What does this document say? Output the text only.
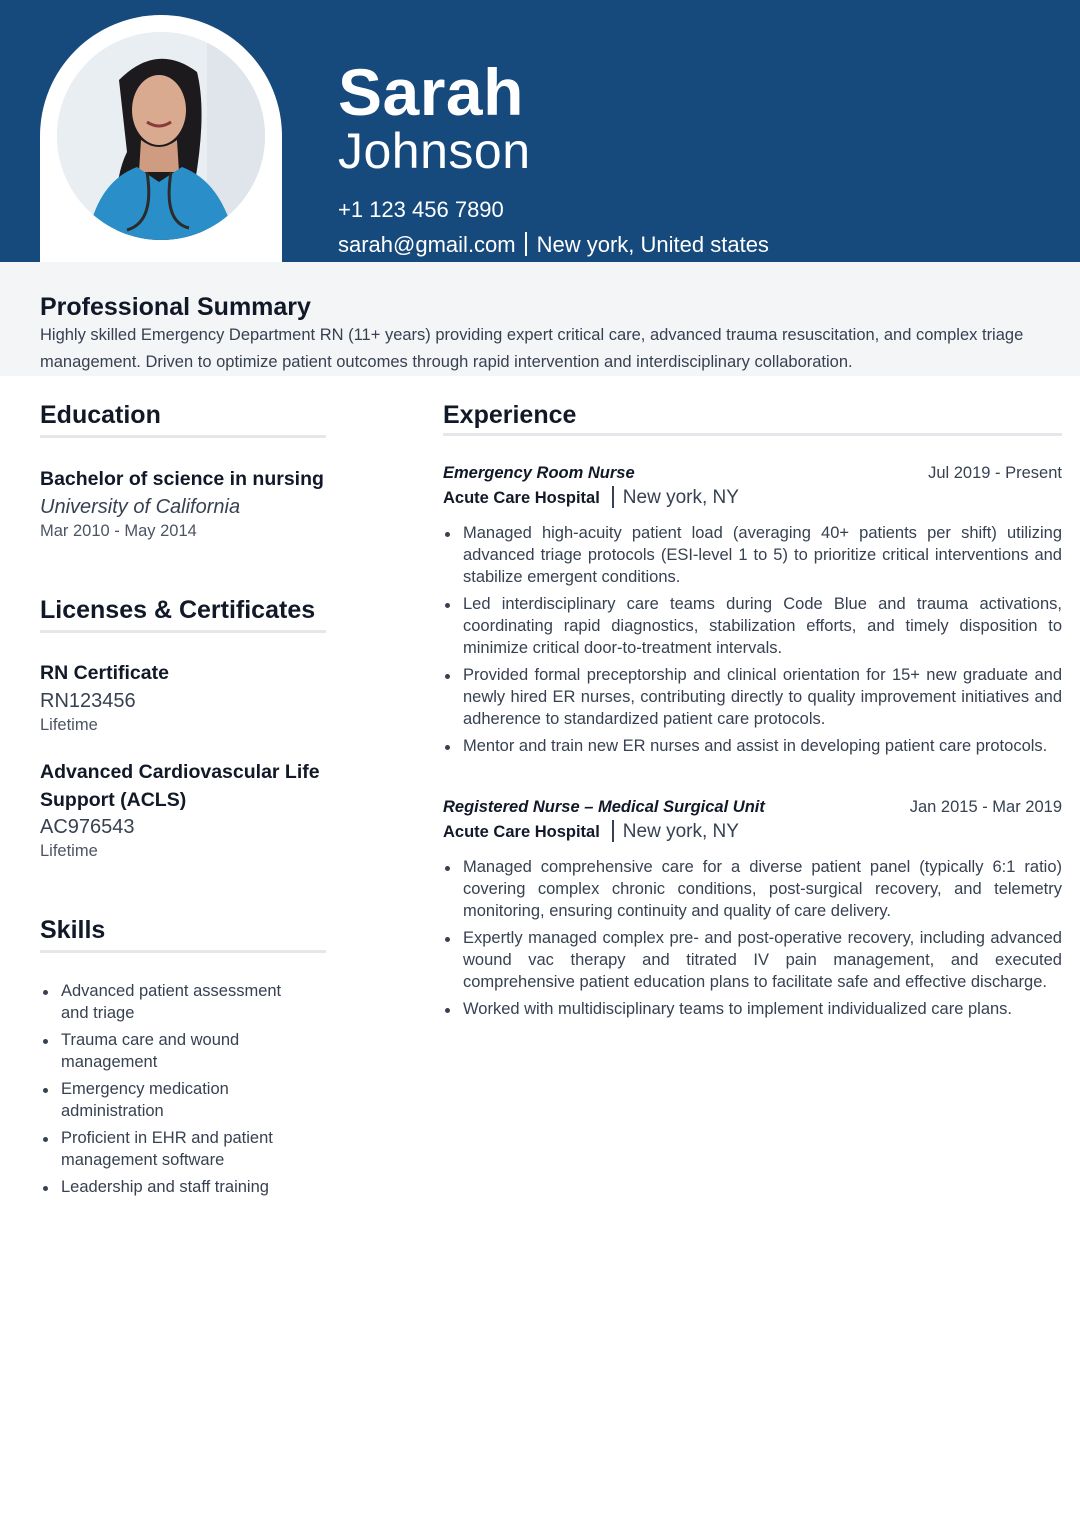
Sarah
Johnson
+1 123 456 7890
sarah@gmail.com New york, United states
Professional Summary
Highly skilled Emergency Department RN (11+ years) providing expert critical care, advanced trauma resuscitation, and complex triage management. Driven to optimize patient outcomes through rapid intervention and interdisciplinary collaboration.
Education
Bachelor of science in nursing
University of California
Mar 2010 - May 2014
Licenses & Certificates
RN Certificate
RN123456
Lifetime
Advanced Cardiovascular Life Support (ACLS)
AC976543
Lifetime
Skills
Advanced patient assessment and triage
Trauma care and wound management
Emergency medication administration
Proficient in EHR and patient management software
Leadership and staff training
Experience
Emergency Room Nurse	Jul 2019 - Present
Acute Care Hospital New york, NY
Managed high-acuity patient load (averaging 40+ patients per shift) utilizing advanced triage protocols (ESI-level 1 to 5) to prioritize critical interventions and stabilize emergent conditions.
Led interdisciplinary care teams during Code Blue and trauma activations, coordinating rapid diagnostics, stabilization efforts, and timely disposition to minimize critical door-to-treatment intervals.
Provided formal preceptorship and clinical orientation for 15+ new graduate and newly hired ER nurses, contributing directly to quality improvement initiatives and adherence to standardized patient care protocols.
Mentor and train new ER nurses and assist in developing patient care protocols.
Registered Nurse – Medical Surgical Unit	Jan 2015 - Mar 2019
Acute Care Hospital New york, NY
Managed comprehensive care for a diverse patient panel (typically 6:1 ratio) covering complex chronic conditions, post-surgical recovery, and telemetry monitoring, ensuring continuity and quality of care delivery.
Expertly managed complex pre- and post-operative recovery, including advanced wound vac therapy and titrated IV pain management, and executed comprehensive patient education plans to facilitate safe and effective discharge.
Worked with multidisciplinary teams to implement individualized care plans.
